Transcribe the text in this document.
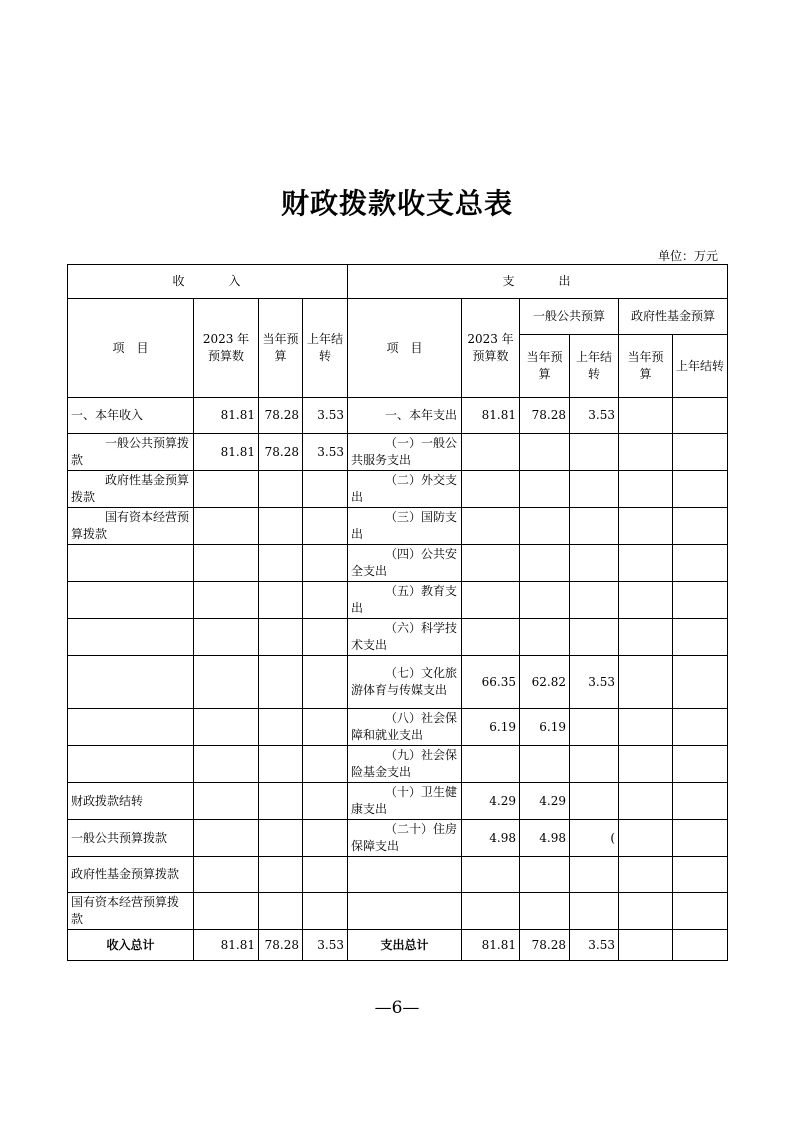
财政拨款收支总表
单位：万元
收　　　入				支　　　出					
项　目	2023 年预算数	当年预算	上年结转	项　目	2023 年预算数	一般公共预算		政府性基金预算	
						当年预算	上年结转	当年预算	上年结转
一、本年收入	81.81	78.28	3.53	一、本年支出	81.81	78.28	3.53		
一般公共预算拨款	81.81	78.28	3.53	（一）一般公共服务支出					
政府性基金预算拨款				（二）外交支出					
国有资本经营预算拨款				（三）国防支出					
				（四）公共安全支出					
				（五）教育支出					
				（六）科学技术支出					
				（七）文化旅游体育与传媒支出	66.35	62.82	3.53		
				（八）社会保障和就业支出	6.19	6.19			
				（九）社会保险基金支出					
财政拨款结转				（十）卫生健康支出	4.29	4.29			
一般公共预算拨款				（二十）住房保障支出	4.98	4.98	(		
政府性基金预算拨款									
国有资本经营预算拨款									
收入总计	81.81	78.28	3.53	支出总计	81.81	78.28	3.53		
—6—
